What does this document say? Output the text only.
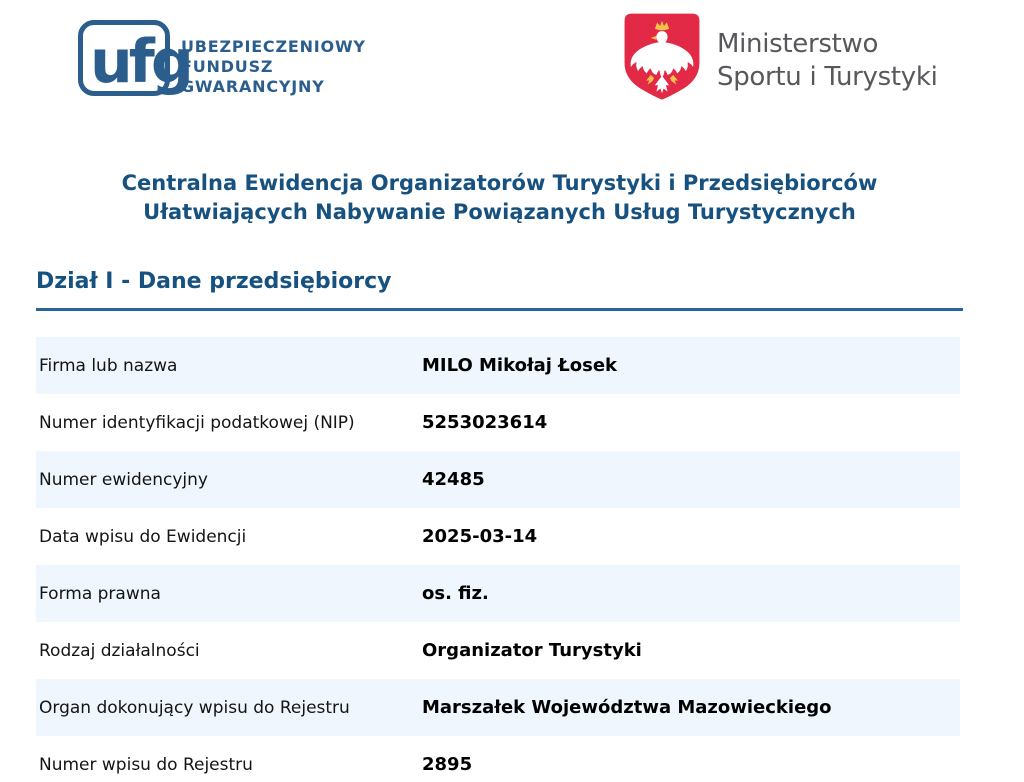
ufg
UBEZPIECZENIOWY
FUNDUSZ
GWARANCYJNY
Ministerstwo
Sportu i Turystyki
Centralna Ewidencja Organizatorów Turystyki i Przedsiębiorców
Ułatwiających Nabywanie Powiązanych Usług Turystycznych
Dział I - Dane przedsiębiorcy
Firma lub nazwa	MILO Mikołaj Łosek
Numer identyfikacji podatkowej (NIP)	5253023614
Numer ewidencyjny	42485
Data wpisu do Ewidencji	2025-03-14
Forma prawna	os. fiz.
Rodzaj działalności	Organizator Turystyki
Organ dokonujący wpisu do Rejestru	Marszałek Województwa Mazowieckiego
Numer wpisu do Rejestru	2895
